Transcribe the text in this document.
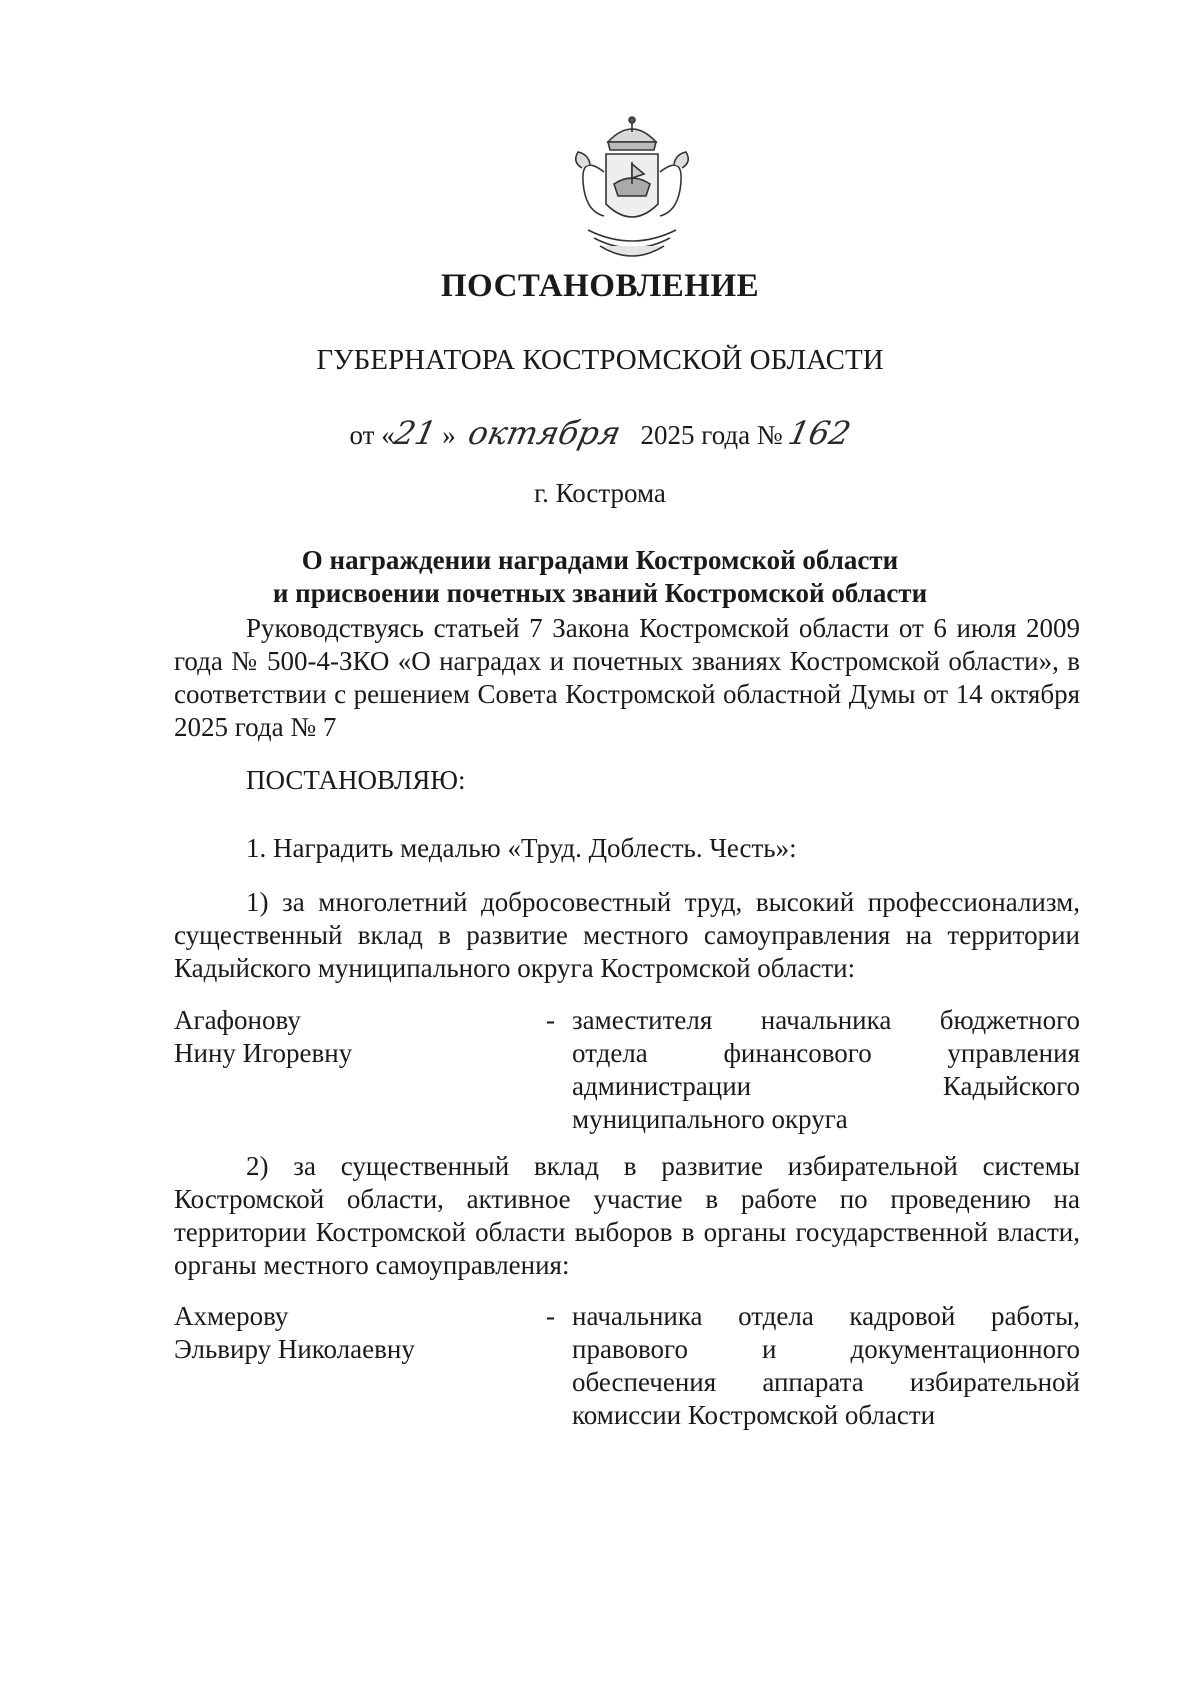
ПОСТАНОВЛЕНИЕ
ГУБЕРНАТОРА КОСТРОМСКОЙ ОБЛАСТИ
от «21 » октября 2025 года № 162
г. Кострома
О награждении наградами Костромской области
и присвоении почетных званий Костромской области
Руководствуясь статьей 7 Закона Костромской области от 6 июля 2009 года № 500-4-ЗКО «О наградах и почетных званиях Костромской области», в соответствии с решением Совета Костромской областной Думы от 14 октября 2025 года № 7
ПОСТАНОВЛЯЮ:
1. Наградить медалью «Труд. Доблесть. Честь»:
1) за многолетний добросовестный труд, высокий профессионализм, существенный вклад в развитие местного самоуправления на территории Кадыйского муниципального округа Костромской области:
Агафонову
Нину Игоревну
- заместителя начальника бюджетного
отдела финансового управления
администрации Кадыйского
муниципального округа
2) за существенный вклад в развитие избирательной системы Костромской области, активное участие в работе по проведению на территории Костромской области выборов в органы государственной власти, органы местного самоуправления:
Ахмерову
Эльвиру Николаевну
- начальника отдела кадровой работы,
правового и документационного
обеспечения аппарата избирательной
комиссии Костромской области
